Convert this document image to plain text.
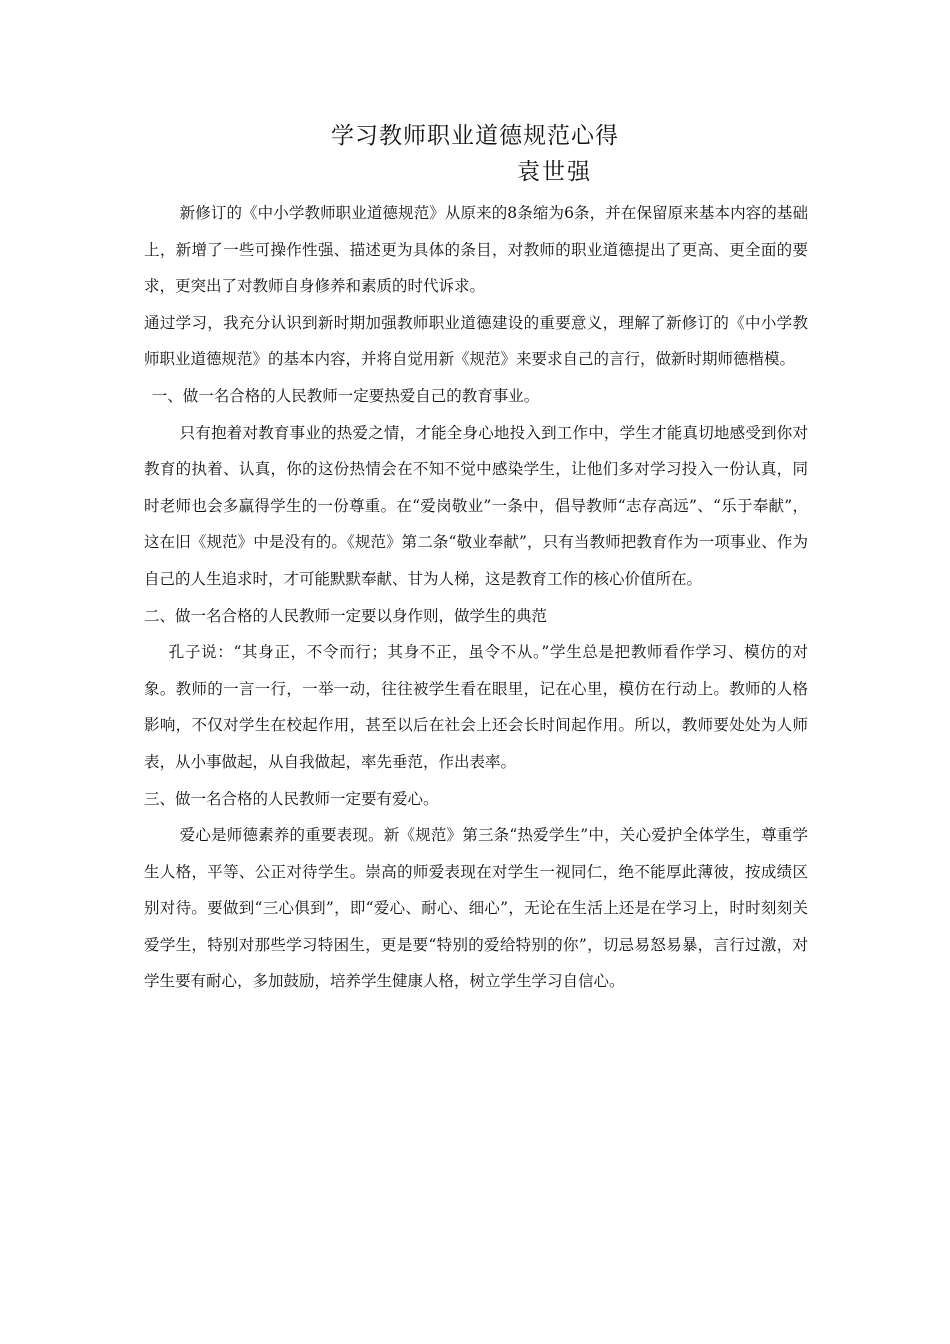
学习教师职业道德规范心得
袁世强

新修订的《中小学教师职业道德规范》从原来的8条缩为6条，并在保留原来基本内容的基础上，新增了一些可操作性强、描述更为具体的条目，对教师的职业道德提出了更高、更全面的要求，更突出了对教师自身修养和素质的时代诉求。

通过学习，我充分认识到新时期加强教师职业道德建设的重要意义，理解了新修订的《中小学教师职业道德规范》的基本内容，并将自觉用新《规范》来要求自己的言行，做新时期师德楷模。

一、做一名合格的人民教师一定要热爱自己的教育事业。

只有抱着对教育事业的热爱之情，才能全身心地投入到工作中，学生才能真切地感受到你对教育的执着、认真，你的这份热情会在不知不觉中感染学生，让他们多对学习投入一份认真，同时老师也会多赢得学生的一份尊重。在“爱岗敬业”一条中，倡导教师“志存高远”、“乐于奉献”，这在旧《规范》中是没有的。《规范》第二条“敬业奉献”，只有当教师把教育作为一项事业、作为自己的人生追求时，才可能默默奉献、甘为人梯，这是教育工作的核心价值所在。

二、做一名合格的人民教师一定要以身作则，做学生的典范

孔子说：“其身正，不令而行；其身不正，虽令不从。”学生总是把教师看作学习、模仿的对象。教师的一言一行，一举一动，往往被学生看在眼里，记在心里，模仿在行动上。教师的人格影响，不仅对学生在校起作用，甚至以后在社会上还会长时间起作用。所以，教师要处处为人师表，从小事做起，从自我做起，率先垂范，作出表率。

三、做一名合格的人民教师一定要有爱心。

爱心是师德素养的重要表现。新《规范》第三条“热爱学生”中，关心爱护全体学生，尊重学生人格，平等、公正对待学生。崇高的师爱表现在对学生一视同仁，绝不能厚此薄彼，按成绩区别对待。要做到“三心俱到”，即“爱心、耐心、细心”，无论在生活上还是在学习上，时时刻刻关爱学生，特别对那些学习特困生，更是要“特别的爱给特别的你”，切忌易怒易暴，言行过激，对学生要有耐心，多加鼓励，培养学生健康人格，树立学生学习自信心。
